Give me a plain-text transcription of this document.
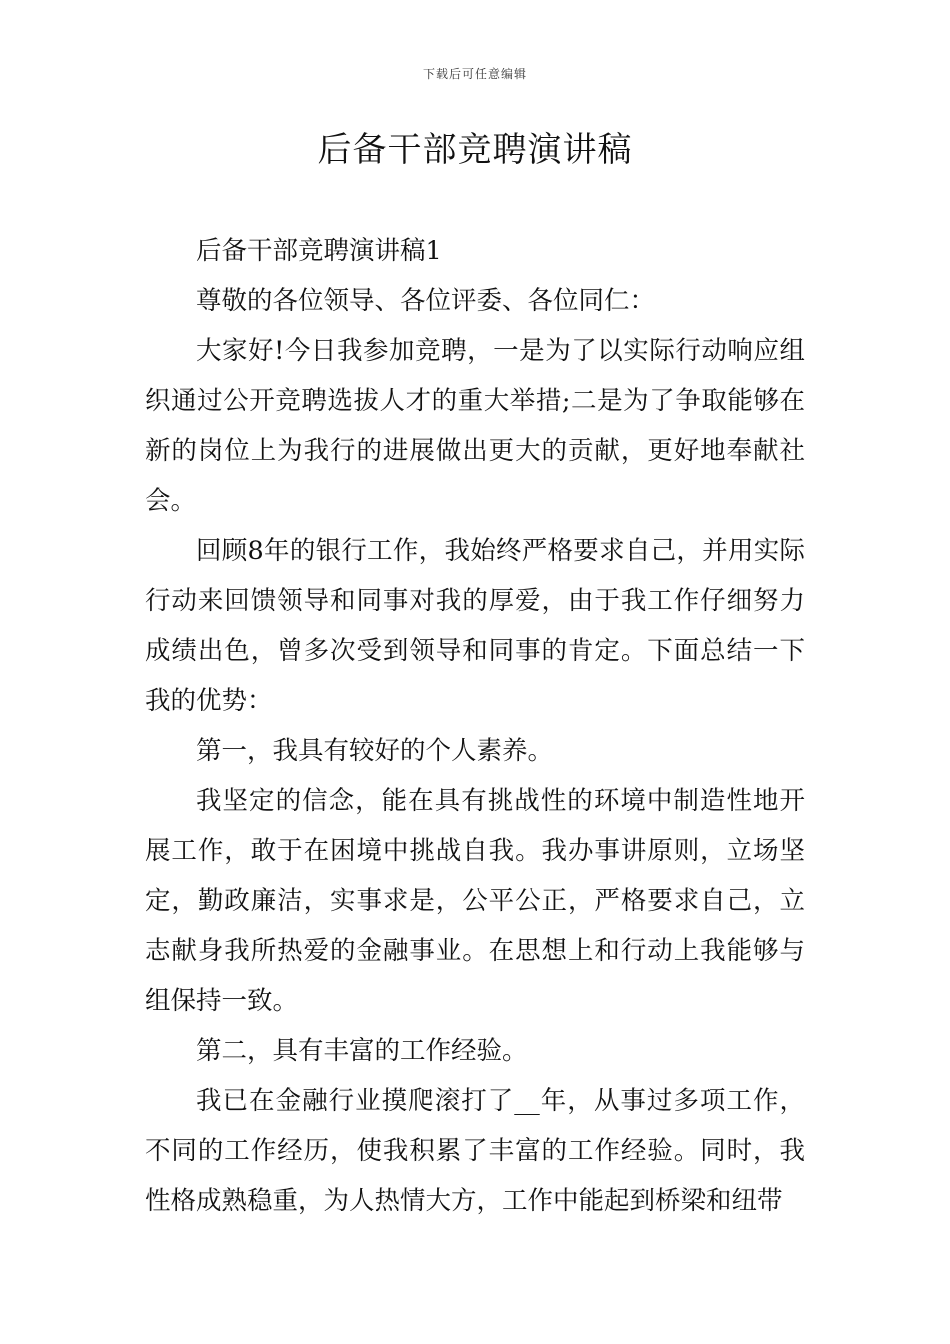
下载后可任意编辑
后备干部竞聘演讲稿

后备干部竞聘演讲稿1

尊敬的各位领导、各位评委、各位同仁：

大家好!今日我参加竞聘，一是为了以实际行动响应组织通过公开竞聘选拔人才的重大举措;二是为了争取能够在新的岗位上为我行的进展做出更大的贡献，更好地奉献社会。

回顾8年的银行工作，我始终严格要求自己，并用实际行动来回馈领导和同事对我的厚爱，由于我工作仔细努力成绩出色，曾多次受到领导和同事的肯定。下面总结一下我的优势：

第一，我具有较好的个人素养。

我坚定的信念，能在具有挑战性的环境中制造性地开展工作，敢于在困境中挑战自我。我办事讲原则，立场坚定，勤政廉洁，实事求是，公平公正，严格要求自己，立志献身我所热爱的金融事业。在思想上和行动上我能够与组保持一致。

第二，具有丰富的工作经验。

我已在金融行业摸爬滚打了__年，从事过多项工作，不同的工作经历，使我积累了丰富的工作经验。同时，我性格成熟稳重，为人热情大方，工作中能起到桥梁和纽带
